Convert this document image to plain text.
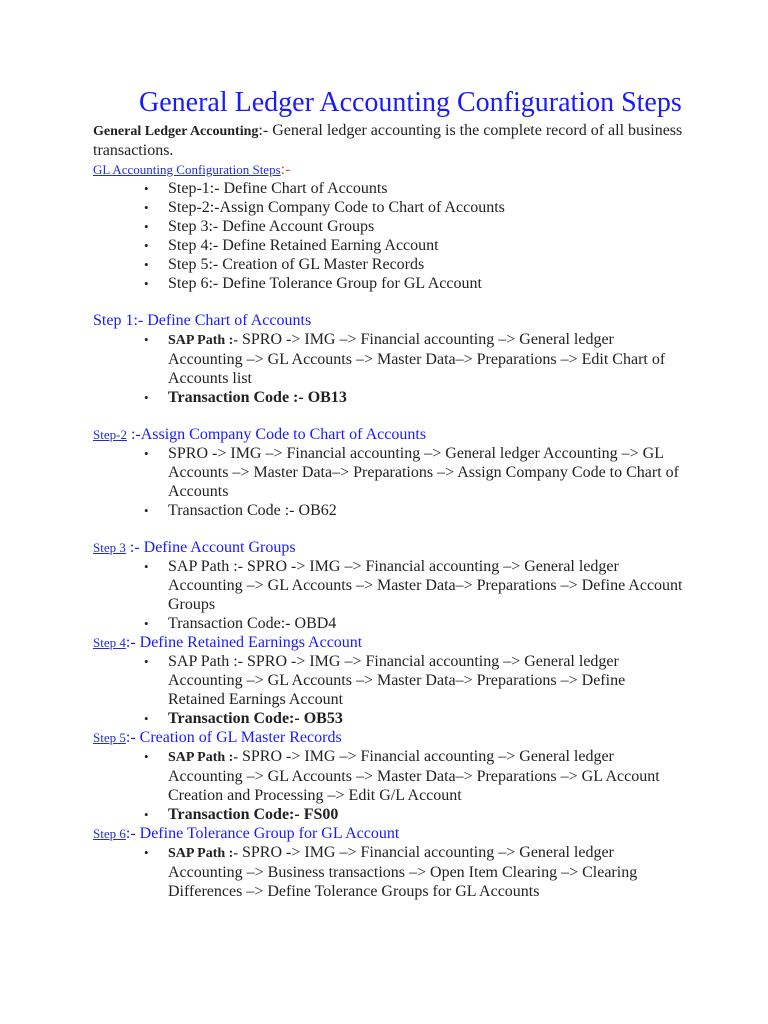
General Ledger Accounting Configuration Steps

General Ledger Accounting:- General ledger accounting is the complete record of all business transactions.

GL Accounting Configuration Steps:-
• Step-1:- Define Chart of Accounts
• Step-2:-Assign Company Code to Chart of Accounts
• Step 3:- Define Account Groups
• Step 4:- Define Retained Earning Account
• Step 5:- Creation of GL Master Records
• Step 6:- Define Tolerance Group for GL Account
Step 1:- Define Chart of Accounts
• SAP Path :- SPRO -> IMG –> Financial accounting –> General ledger Accounting –> GL Accounts –> Master Data–> Preparations –> Edit Chart of Accounts list
• Transaction Code :- OB13
Step-2 :-Assign Company Code to Chart of Accounts
• SPRO -> IMG –> Financial accounting –> General ledger Accounting –> GL Accounts –> Master Data–> Preparations –> Assign Company Code to Chart of Accounts
• Transaction Code :- OB62
Step 3 :- Define Account Groups
• SAP Path :- SPRO -> IMG –> Financial accounting –> General ledger Accounting –> GL Accounts –> Master Data–> Preparations –> Define Account Groups
• Transaction Code:- OBD4
Step 4:- Define Retained Earnings Account
• SAP Path :- SPRO -> IMG –> Financial accounting –> General ledger Accounting –> GL Accounts –> Master Data–> Preparations –> Define Retained Earnings Account
• Transaction Code:- OB53
Step 5:- Creation of GL Master Records
• SAP Path :- SPRO -> IMG –> Financial accounting –> General ledger Accounting –> GL Accounts –> Master Data–> Preparations –> GL Account Creation and Processing –> Edit G/L Account
• Transaction Code:- FS00
Step 6:- Define Tolerance Group for GL Account
• SAP Path :- SPRO -> IMG –> Financial accounting –> General ledger Accounting –> Business transactions –> Open Item Clearing –> Clearing Differences –> Define Tolerance Groups for GL Accounts
